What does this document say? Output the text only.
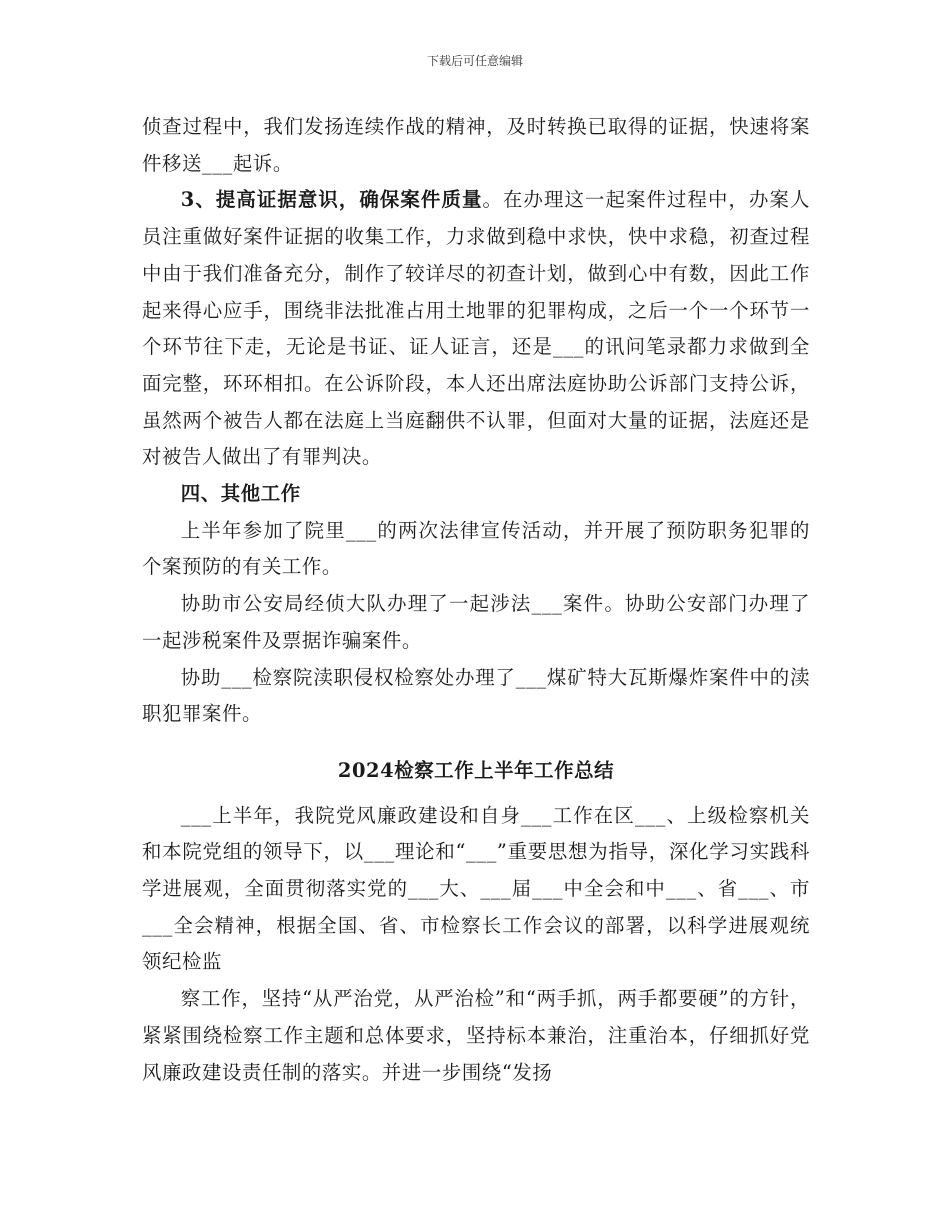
下载后可任意编辑

侦查过程中，我们发扬连续作战的精神，及时转换已取得的证据，快速将案件移送___起诉。

3、提高证据意识，确保案件质量。在办理这一起案件过程中，办案人员注重做好案件证据的收集工作，力求做到稳中求快，快中求稳，初查过程中由于我们准备充分，制作了较详尽的初查计划，做到心中有数，因此工作起来得心应手，围绕非法批准占用土地罪的犯罪构成，之后一个一个环节一个环节往下走，无论是书证、证人证言，还是___的讯问笔录都力求做到全面完整，环环相扣。在公诉阶段，本人还出席法庭协助公诉部门支持公诉，虽然两个被告人都在法庭上当庭翻供不认罪，但面对大量的证据，法庭还是对被告人做出了有罪判决。

四、其他工作

上半年参加了院里___的两次法律宣传活动，并开展了预防职务犯罪的个案预防的有关工作。

协助市公安局经侦大队办理了一起涉法___案件。协助公安部门办理了一起涉税案件及票据诈骗案件。

协助___检察院渎职侵权检察处办理了___煤矿特大瓦斯爆炸案件中的渎职犯罪案件。

2024检察工作上半年工作总结

___上半年，我院党风廉政建设和自身___工作在区___、上级检察机关和本院党组的领导下，以___理论和“___”重要思想为指导，深化学习实践科学进展观，全面贯彻落实党的___大、___届___中全会和中___、省___、市___全会精神，根据全国、省、市检察长工作会议的部署，以科学进展观统领纪检监

察工作，坚持“从严治党，从严治检”和“两手抓，两手都要硬”的方针，紧紧围绕检察工作主题和总体要求，坚持标本兼治，注重治本，仔细抓好党风廉政建设责任制的落实。并进一步围绕“发扬
